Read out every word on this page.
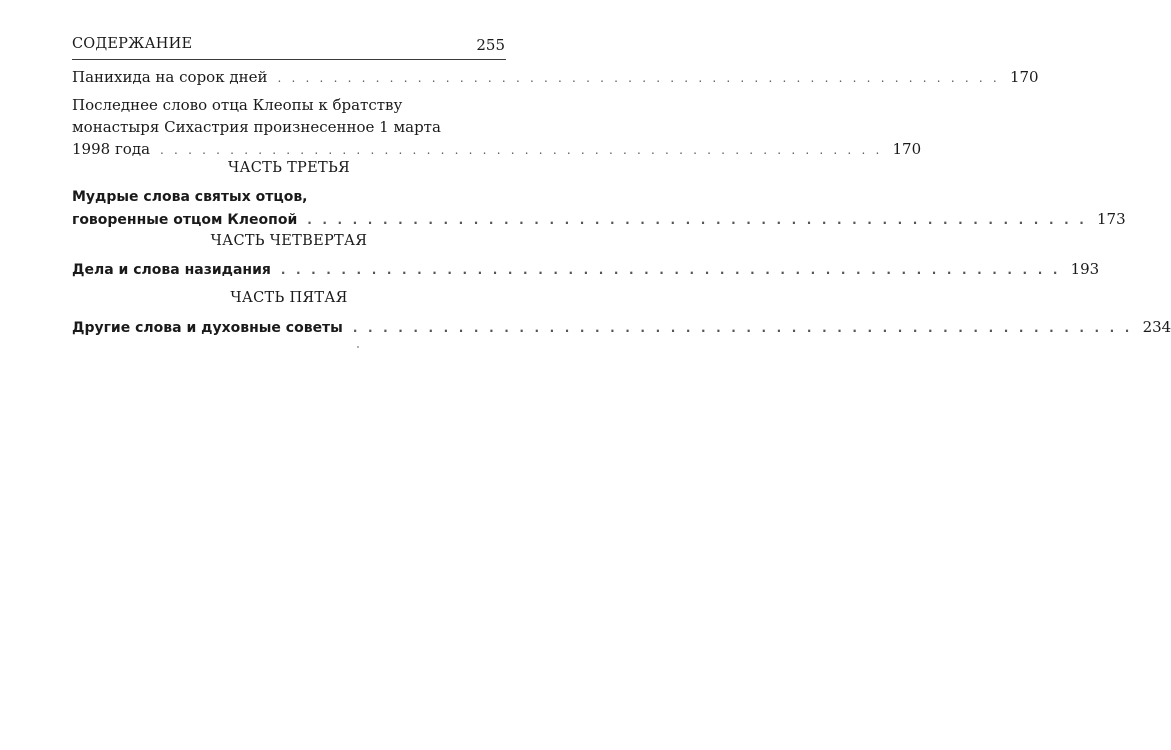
СОДЕРЖАНИЕ	255
Панихида на сорок дней . . . . . . . . . . . . . . . . . . . . . . . . . . . . . . . . . . . . . . . . . . . . . . . . . . . . 170
Последнее слово отца Клеопы к братству
монастыря Сихастрия произнесенное 1 марта
1998 года . . . . . . . . . . . . . . . . . . . . . . . . . . . . . . . . . . . . . . . . . . . . . . . . . . . . 170
ЧАСТЬ ТРЕТЬЯ
Мудрые слова святых отцов,
говоренные отцом Клеопой . . . . . . . . . . . . . . . . . . . . . . . . . . . . . . . . . . . . . . . . . . . . . . . . . . . . 173
ЧАСТЬ ЧЕТВЕРТАЯ
Дела и слова назидания . . . . . . . . . . . . . . . . . . . . . . . . . . . . . . . . . . . . . . . . . . . . . . . . . . . . 193
ЧАСТЬ ПЯТАЯ
Другие слова и духовные советы . . . . . . . . . . . . . . . . . . . . . . . . . . . . . . . . . . . . . . . . . . . . . . . . . . . . 234
